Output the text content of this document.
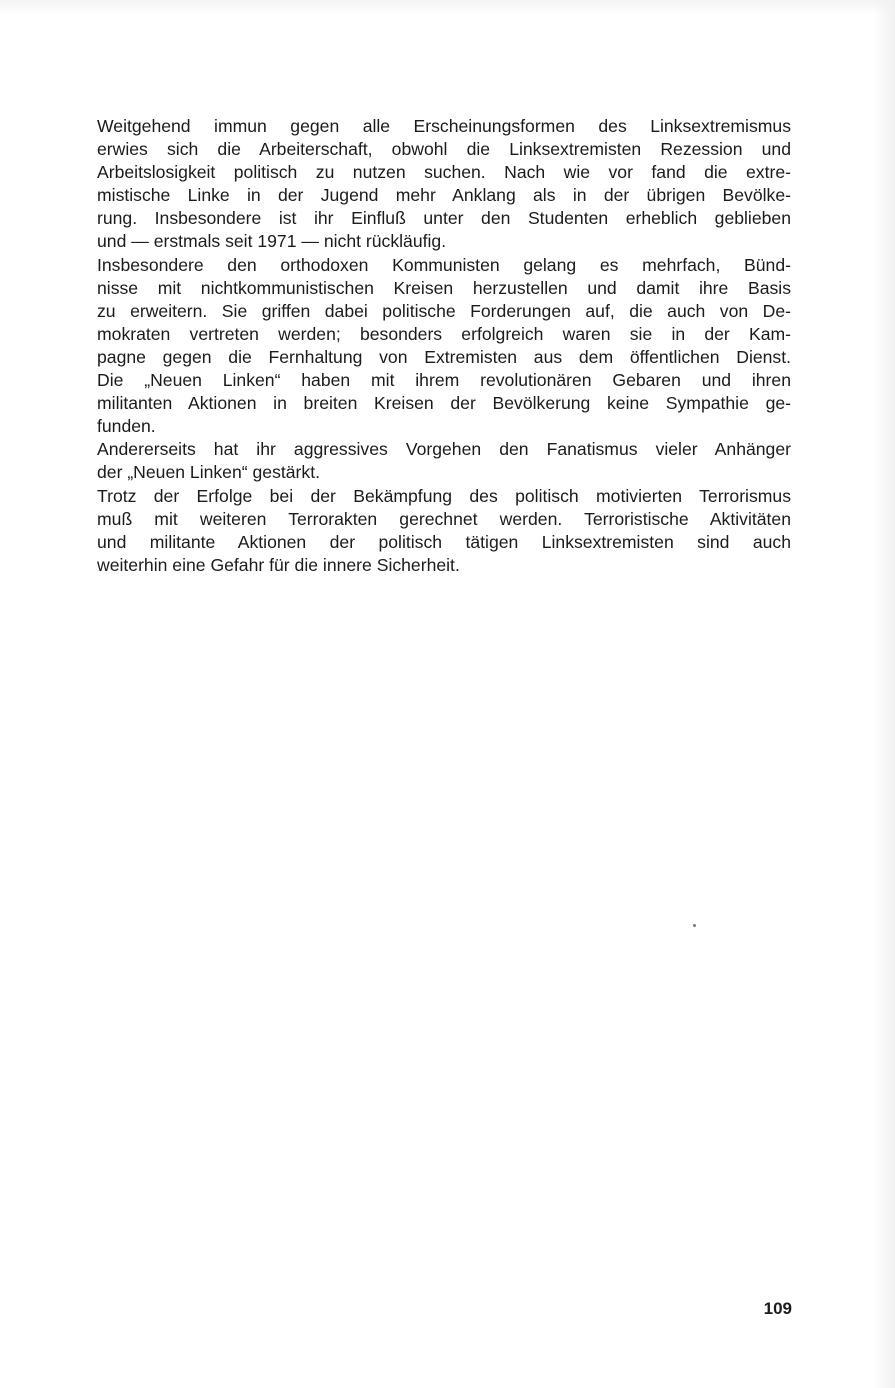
Weitgehend immun gegen alle Erscheinungsformen des Linksextremismus
erwies sich die Arbeiterschaft, obwohl die Linksextremisten Rezession und
Arbeitslosigkeit politisch zu nutzen suchen. Nach wie vor fand die extre-
mistische Linke in der Jugend mehr Anklang als in der übrigen Bevölke-
rung. Insbesondere ist ihr Einfluß unter den Studenten erheblich geblieben
und — erstmals seit 1971 — nicht rückläufig.
Insbesondere den orthodoxen Kommunisten gelang es mehrfach, Bünd-
nisse mit nichtkommunistischen Kreisen herzustellen und damit ihre Basis
zu erweitern. Sie griffen dabei politische Forderungen auf, die auch von De-
mokraten vertreten werden; besonders erfolgreich waren sie in der Kam-
pagne gegen die Fernhaltung von Extremisten aus dem öffentlichen Dienst.
Die „Neuen Linken“ haben mit ihrem revolutionären Gebaren und ihren
militanten Aktionen in breiten Kreisen der Bevölkerung keine Sympathie ge-
funden.
Andererseits hat ihr aggressives Vorgehen den Fanatismus vieler Anhänger
der „Neuen Linken“ gestärkt.
Trotz der Erfolge bei der Bekämpfung des politisch motivierten Terrorismus
muß mit weiteren Terrorakten gerechnet werden. Terroristische Aktivitäten
und militante Aktionen der politisch tätigen Linksextremisten sind auch
weiterhin eine Gefahr für die innere Sicherheit.
109
